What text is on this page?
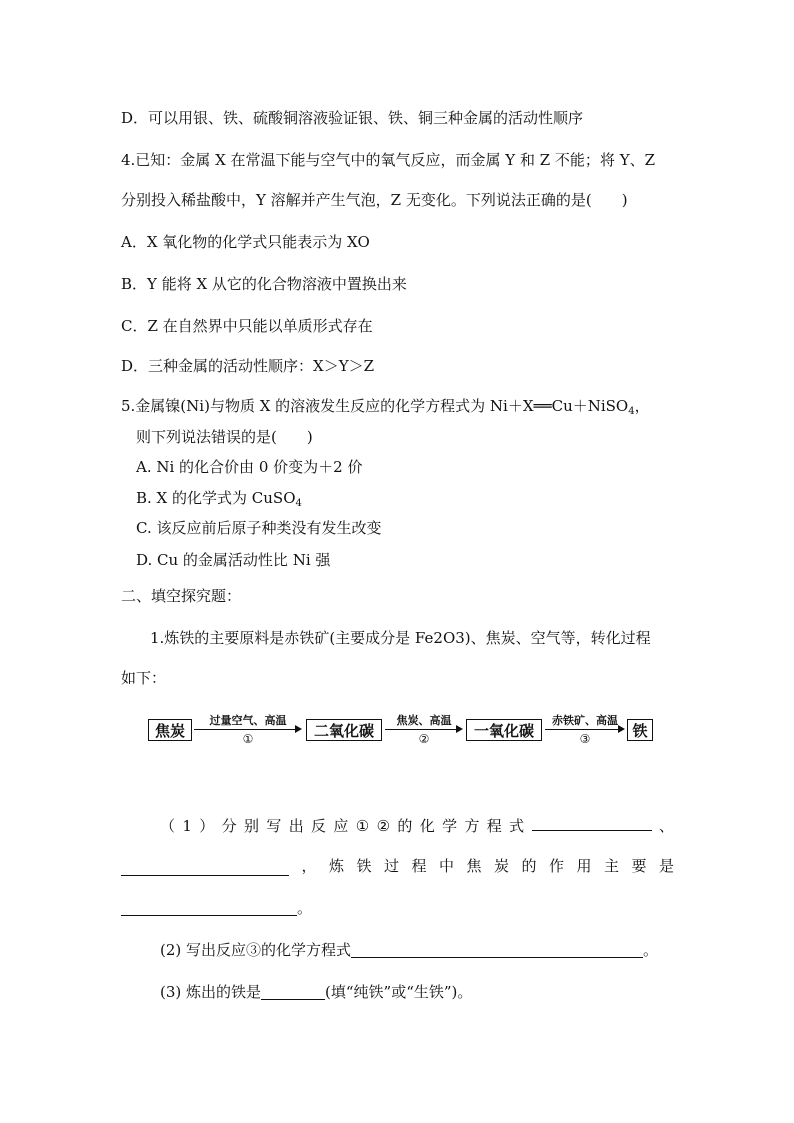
D．可以用银、铁、硫酸铜溶液验证银、铁、铜三种金属的活动性顺序
4.已知：金属 X 在常温下能与空气中的氧气反应，而金属 Y 和 Z 不能；将 Y、Z
分别投入稀盐酸中，Y 溶解并产生气泡，Z 无变化。下列说法正确的是(　　)
A．X 氧化物的化学式只能表示为 XO
B．Y 能将 X 从它的化合物溶液中置换出来
C．Z 在自然界中只能以单质形式存在
D．三种金属的活动性顺序：X＞Y＞Z
5.金属镍(Ni)与物质 X 的溶液发生反应的化学方程式为 Ni＋X══Cu＋NiSO$_4$，
则下列说法错误的是(　　)
A. Ni 的化合价由 0 价变为＋2 价
B. X 的化学式为 CuSO$_4$
C. 该反应前后原子种类没有发生改变
D. Cu 的金属活动性比 Ni 强
二、填空探究题：
1.炼铁的主要原料是赤铁矿(主要成分是 Fe2O3)、焦炭、空气等，转化过程
如下：
焦炭
过量空气、高温
①	二氧化碳
焦炭、高温
②	一氧化碳
赤铁矿、高温
③	铁
（ 1 ） 分 别 写 出 反 应 ① ② 的 化 学 方 程 式	、
， 炼 铁 过 程 中 焦 炭 的 作 用 主 要 是
。
(2) 写出反应③的化学方程式	。
(3) 炼出的铁是	(填“纯铁”或“生铁”)。
